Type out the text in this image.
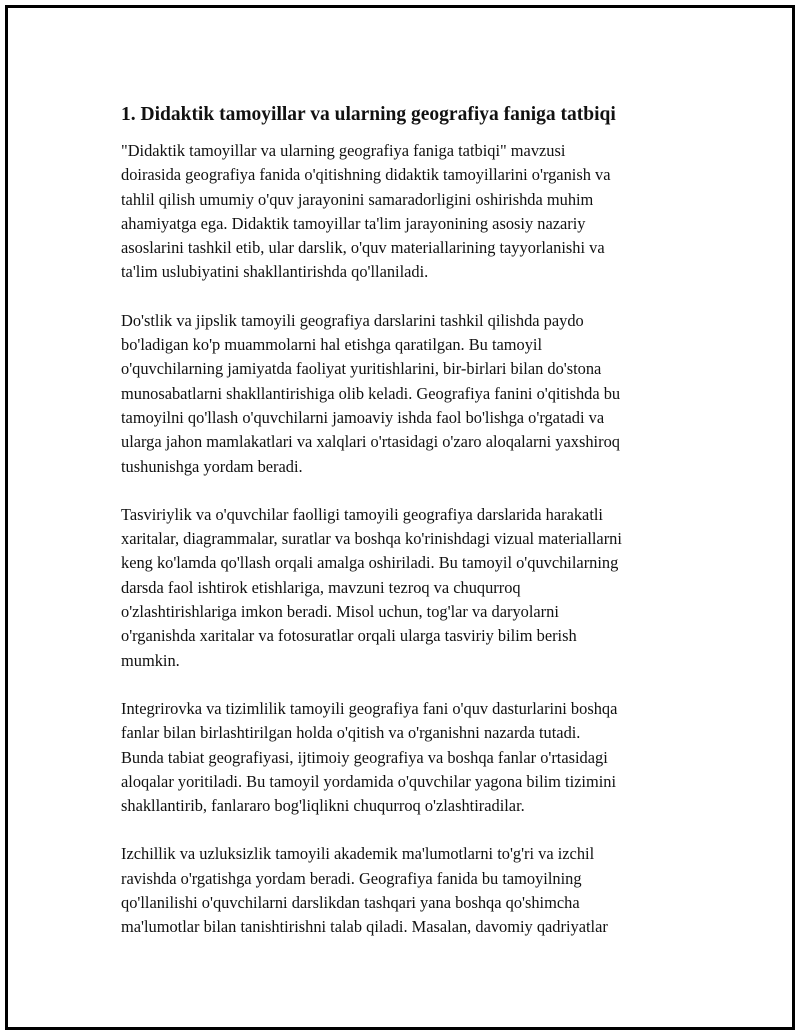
1. Didaktik tamoyillar va ularning geografiya faniga tatbiqi

"Didaktik tamoyillar va ularning geografiya faniga tatbiqi" mavzusi
doirasida geografiya fanida o'qitishning didaktik tamoyillarini o'rganish va
tahlil qilish umumiy o'quv jarayonini samaradorligini oshirishda muhim
ahamiyatga ega. Didaktik tamoyillar ta'lim jarayonining asosiy nazariy
asoslarini tashkil etib, ular darslik, o'quv materiallarining tayyorlanishi va
ta'lim uslubiyatini shakllantirishda qo'llaniladi.

Do'stlik va jipslik tamoyili geografiya darslarini tashkil qilishda paydo
bo'ladigan ko'p muammolarni hal etishga qaratilgan. Bu tamoyil
o'quvchilarning jamiyatda faoliyat yuritishlarini, bir-birlari bilan do'stona
munosabatlarni shakllantirishiga olib keladi. Geografiya fanini o'qitishda bu
tamoyilni qo'llash o'quvchilarni jamoaviy ishda faol bo'lishga o'rgatadi va
ularga jahon mamlakatlari va xalqlari o'rtasidagi o'zaro aloqalarni yaxshiroq
tushunishga yordam beradi.

Tasviriylik va o'quvchilar faolligi tamoyili geografiya darslarida harakatli
xaritalar, diagrammalar, suratlar va boshqa ko'rinishdagi vizual materiallarni
keng ko'lamda qo'llash orqali amalga oshiriladi. Bu tamoyil o'quvchilarning
darsda faol ishtirok etishlariga, mavzuni tezroq va chuqurroq
o'zlashtirishlariga imkon beradi. Misol uchun, tog'lar va daryolarni
o'rganishda xaritalar va fotosuratlar orqali ularga tasviriy bilim berish
mumkin.

Integrirovka va tizimlilik tamoyili geografiya fani o'quv dasturlarini boshqa
fanlar bilan birlashtirilgan holda o'qitish va o'rganishni nazarda tutadi.
Bunda tabiat geografiyasi, ijtimoiy geografiya va boshqa fanlar o'rtasidagi
aloqalar yoritiladi. Bu tamoyil yordamida o'quvchilar yagona bilim tizimini
shakllantirib, fanlararo bog'liqlikni chuqurroq o'zlashtiradilar.

Izchillik va uzluksizlik tamoyili akademik ma'lumotlarni to'g'ri va izchil
ravishda o'rgatishga yordam beradi. Geografiya fanida bu tamoyilning
qo'llanilishi o'quvchilarni darslikdan tashqari yana boshqa qo'shimcha
ma'lumotlar bilan tanishtirishni talab qiladi. Masalan, davomiy qadriyatlar
